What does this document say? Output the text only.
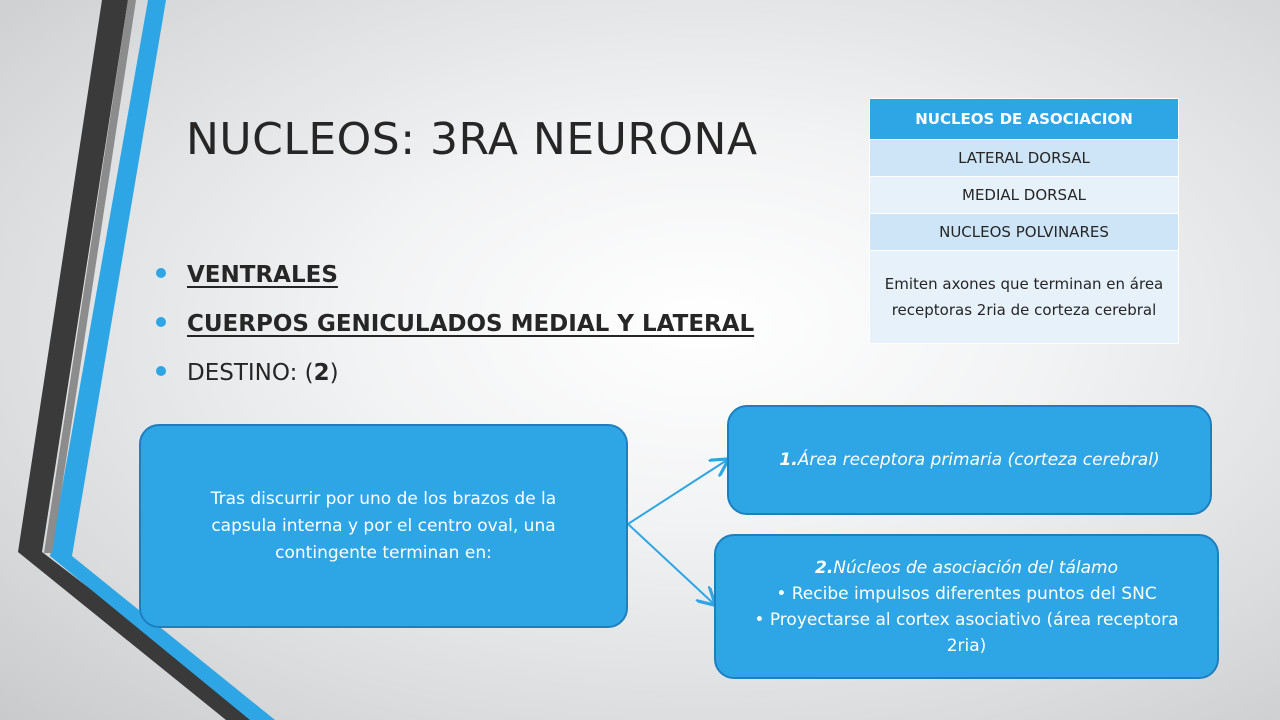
NUCLEOS: 3RA NEURONA
VENTRALES
CUERPOS GENICULADOS MEDIAL Y LATERAL
DESTINO: (2)
NUCLEOS DE ASOCIACION
LATERAL DORSAL
MEDIAL DORSAL
NUCLEOS POLVINARES
Emiten axones que terminan en área receptoras 2ria de corteza cerebral
Tras discurrir por uno de los brazos de la capsula interna y por el centro oval, una contingente terminan en:
1.Área receptora primaria (corteza cerebral)
2.Núcleos de asociación del tálamo
• Recibe impulsos diferentes puntos del SNC
• Proyectarse al cortex asociativo (área receptora 2ria)
